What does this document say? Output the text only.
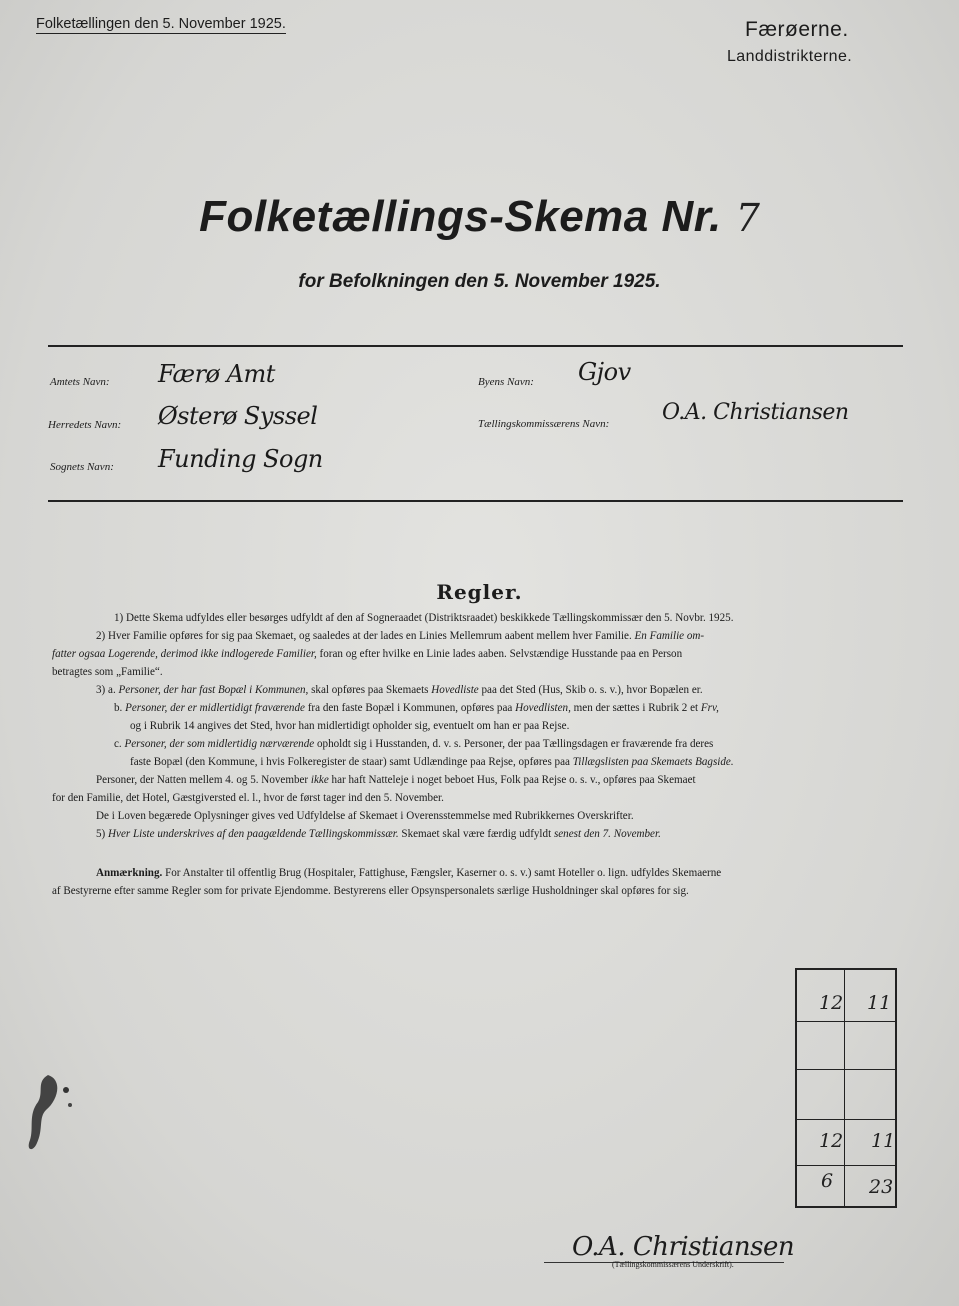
Folketællingen den 5. November 1925.	Færøerne.
Landdistrikterne.
Folketællings-Skema Nr. 7
for Befolkningen den 5. November 1925.
Amtets Navn: Færø Amt
Herredets Navn: Østerø Syssel
Sognets Navn: Funding Sogn
Byens Navn: Gjov
Tællingskommissærens Navn: O.A. Christiansen
Regler.
1) Dette Skema udfyldes eller besørges udfyldt af den af Sogneraadet (Distriktsraadet) beskikkede Tællingskommissær den 5. Novbr. 1925.
2) Hver Familie opføres for sig paa Skemaet, og saaledes at der lades en Linies Mellemrum aabent mellem hver Familie. En Familie om-
fatter ogsaa Logerende, derimod ikke indlogerede Familier, foran og efter hvilke en Linie lades aaben. Selvstændige Husstande paa en Person
betragtes som „Familie“.
3) a. Personer, der har fast Bopæl i Kommunen, skal opføres paa Skemaets Hovedliste paa det Sted (Hus, Skib o. s. v.), hvor Bopælen er.
b. Personer, der er midlertidigt fraværende fra den faste Bopæl i Kommunen, opføres paa Hovedlisten, men der sættes i Rubrik 2 et Frv,
og i Rubrik 14 angives det Sted, hvor han midlertidigt opholder sig, eventuelt om han er paa Rejse.
c. Personer, der som midlertidig nærværende opholdt sig i Husstanden, d. v. s. Personer, der paa Tællingsdagen er fraværende fra deres
faste Bopæl (den Kommune, i hvis Folkeregister de staar) samt Udlændinge paa Rejse, opføres paa Tillægslisten paa Skemaets Bagside.
Personer, der Natten mellem 4. og 5. November ikke har haft Natteleje i noget beboet Hus, Folk paa Rejse o. s. v., opføres paa Skemaet
for den Familie, det Hotel, Gæstgiversted el. l., hvor de først tager ind den 5. November.
De i Loven begærede Oplysninger gives ved Udfyldelse af Skemaet i Overensstemmelse med Rubrikkernes Overskrifter.
5) Hver Liste underskrives af den paagældende Tællingskommissær. Skemaet skal være færdig udfyldt senest den 7. November.
Anmærkning. For Anstalter til offentlig Brug (Hospitaler, Fattighuse, Fængsler, Kaserner o. s. v.) samt Hoteller o. lign. udfyldes Skemaerne
af Bestyrerne efter samme Regler som for private Ejendomme. Bestyrerens eller Opsynspersonalets særlige Husholdninger skal opføres for sig.
12 11
12 11
6 23
O.A. Christiansen
(Tællingskommissærens Underskrift).
